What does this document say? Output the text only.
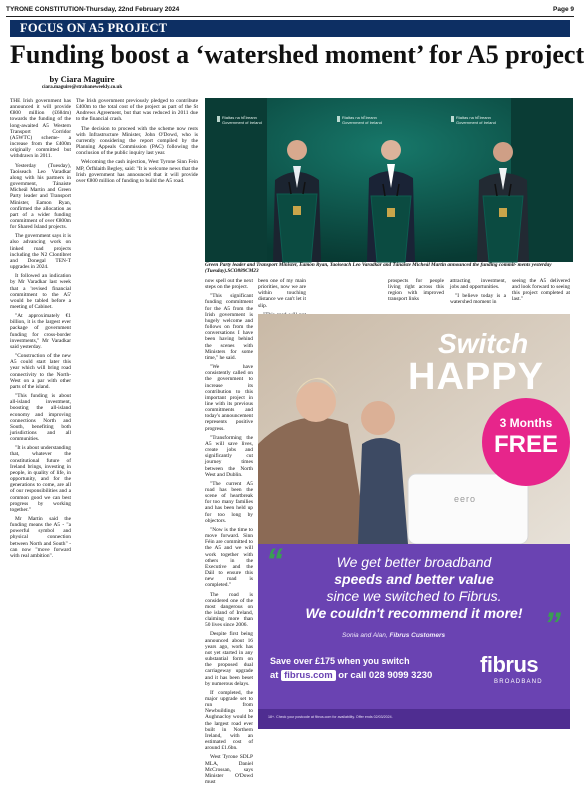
TYRONE CONSTITUTION-Thursday, 22nd February 2024	Page 9
FOCUS ON A5 PROJECT
Funding boost a ‘watershed moment’ for A5 project
by Ciara Maguire
ciara.maguire@strabaneweekly.co.uk

THE Irish government has announced it will provide €800 million (£684m) towards the funding of the long-awaited A5 Western Transport Corridor (A5WTC) scheme- a increase from the £400m originally committed but withdrawn in 2011.

Yesterday (Tuesday), Taoiseach Leo Varadkar along with his partners in government, Tánaiste Micheál Martin and Green Party leader and Transport Minister, Eamon Ryan, confirmed the allocation as part of a wider funding commitment of over €800m for Shared Island projects.

The government says it is also advancing work on linked road projects including the N2 Clontibret and Donegal TEN-T upgrades in 2024.

It followed an indication by Mr Varadkar last week that a 'revised financial commitment to the A5' would be tabled before a meeting of Cabinet.

"At approximately €1 billion, it is the largest ever package of government funding for cross-border investments," Mr Varadkar said yesterday.

"Construction of the new A5 could start later this year which will bring road connectivity to the North-West on a par with other parts of the island.

"This funding is about all-island investment, boosting the all-island economy and improving connections North and South, benefiting both jurisdictions and all communities.

"It is about understanding that, whatever the constitutional future of Ireland brings, investing in people, in quality of life, in opportunity, and for the generations to come, are all of our responsibilities and a common good we can best progress by working together."

Mr Martin said the funding means the A5 - "a powerful symbol and physical connection between North and South" - can now "move forward with real ambition".

The Irish government previously pledged to contribute £400m to the total cost of the project as part of the St Andrews Agreement, but that was reduced in 2011 due to the financial crash.

The decision to proceed with the scheme now rests with Infrastructure Minister, John O'Dowd, who is currently considering the report compiled by the Planning Appeals Commission (PAC) following the conclusion of the public inquiry last year.

Welcoming the cash injection, West Tyrone Sinn Fein MP, Órfhlaith Begley, said: "It is welcome news that the Irish government has announced that it will provide over €800 million of funding to build the A5 road.

Rialtas na hÉireann
Government of Ireland
Rialtas na hÉireann
Government of Ireland
Rialtas na hÉireann
Government of Ireland
Green Party leader and Transport Minister, Eamon Ryan, Taoiseach Leo Varadkar and Tánaiste Micheál Martin announced the funding commit- ments yesterday (Tuesday).SCO889CM23

now spell out the next steps on the project.

"This significant funding commitment for the A5 from the Irish government is hugely welcome and follows on from the conversations I have been having behind the scenes with Ministers for some time," he said.

"We have consistently called on the government to increase its contribution to this important project in line with its previous commitments and today's announcement represents positive progress.

"Transforming the A5 will save lives, create jobs and significantly cut journey times between the North West and Dublin.

"The current A5 road has been the scene of heartbreak for too many families and has been held up for too long by objectors.

"Now is the time to move forward. Sinn Féin are committed to the A5 and we will work together with others in the Executive and the Dáil to ensure this new road is completed."

The road is considered one of the most dangerous on the island of Ireland, claiming more than 50 lives since 2006.

Despite first being announced about 16 years ago, work has not yet started in any substantial form on the proposed dual carriageway upgrade and it has been beset by numerous delays.

If completed, the major upgrade set to run from Newbuildings to Aughnacloy would be the largest road ever built in Northern Ireland, with an estimated cost of around £1.6bn.

West Tyrone SDLP MLA, Daniel McCrossan, says Minister O'Dowd must

been one of my main priorities, now we are within touching distance we can't let it slip.

prospects for people living right across this region with improved transport links

attracting investment, jobs and opportunities.

"I believe today is a watershed moment in

seeing the A5 delivered and look forward to seeing this project completed at last."

Switch
HAPPY
3 Months
FREE
eero
“	We get better broadband
speeds and better value
since we switched to Fibrus.
We couldn't recommend it more! ”
Sonia and Alan, Fibrus Customers
Save over £175 when you switch
at fibrus.com or call 028 9099 3230 fibrus
BROADBAND
18+. Check your postcode at fibrus.com for availability. Offer ends 02/03/2024.
